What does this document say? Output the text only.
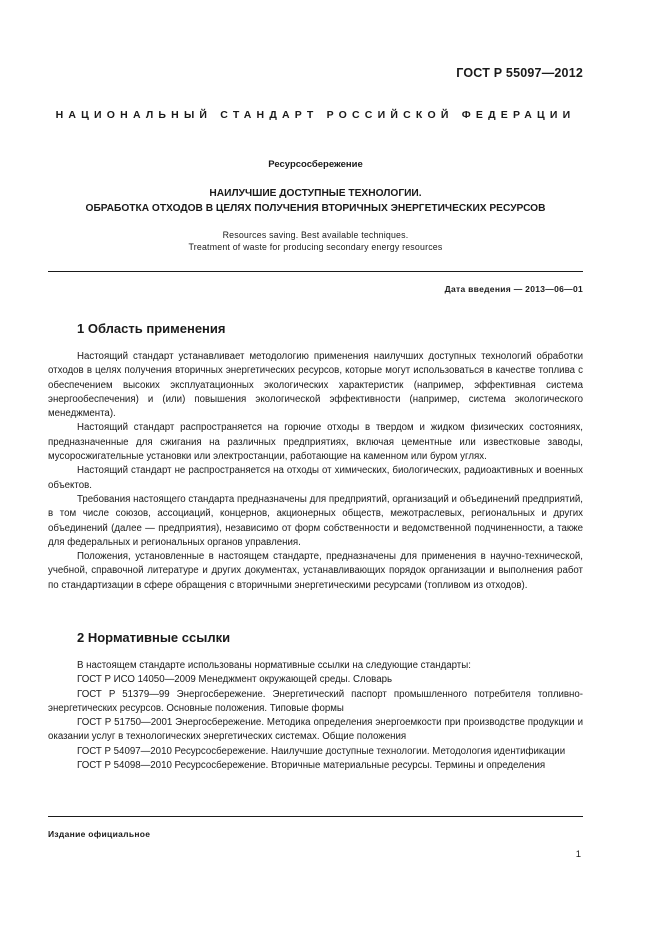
ГОСТ Р 55097—2012
НАЦИОНАЛЬНЫЙ СТАНДАРТ РОССИЙСКОЙ ФЕДЕРАЦИИ
Ресурсосбережение
НАИЛУЧШИЕ ДОСТУПНЫЕ ТЕХНОЛОГИИ.
ОБРАБОТКА ОТХОДОВ В ЦЕЛЯХ ПОЛУЧЕНИЯ ВТОРИЧНЫХ ЭНЕРГЕТИЧЕСКИХ РЕСУРСОВ
Resources saving. Best available techniques.
Treatment of waste for producing secondary energy resources
Дата введения — 2013—06—01
1 Область применения

Настоящий стандарт устанавливает методологию применения наилучших доступных технологий обработки отходов в целях получения вторичных энергетических ресурсов, которые могут использоваться в качестве топлива с обеспечением высоких эксплуатационных экологических характеристик (например, эффективная система энергообеспечения) и (или) повышения экологической эффективности (например, система экологического менеджмента).

Настоящий стандарт распространяется на горючие отходы в твердом и жидком физических состояниях, предназначенные для сжигания на различных предприятиях, включая цементные или известковые заводы, мусоросжигательные установки или электростанции, работающие на каменном или буром углях.

Настоящий стандарт не распространяется на отходы от химических, биологических, радиоактивных и военных объектов.

Требования настоящего стандарта предназначены для предприятий, организаций и объединений предприятий, в том числе союзов, ассоциаций, концернов, акционерных обществ, межотраслевых, региональных и других объединений (далее — предприятия), независимо от форм собственности и ведомственной подчиненности, а также для федеральных и региональных органов управления.

Положения, установленные в настоящем стандарте, предназначены для применения в научно-технической, учебной, справочной литературе и других документах, устанавливающих порядок организации и выполнения работ по стандартизации в сфере обращения с вторичными энергетическими ресурсами (топливом из отходов).

2 Нормативные ссылки

В настоящем стандарте использованы нормативные ссылки на следующие стандарты:

ГОСТ Р ИСО 14050—2009 Менеджмент окружающей среды. Словарь

ГОСТ Р 51379—99 Энергосбережение. Энергетический паспорт промышленного потребителя топливно-энергетических ресурсов. Основные положения. Типовые формы

ГОСТ Р 51750—2001 Энергосбережение. Методика определения энергоемкости при производстве продукции и оказании услуг в технологических энергетических системах. Общие положения

ГОСТ Р 54097—2010 Ресурсосбережение. Наилучшие доступные технологии. Методология идентификации

ГОСТ Р 54098—2010 Ресурсосбережение. Вторичные материальные ресурсы. Термины и определения

Издание официальное
1
